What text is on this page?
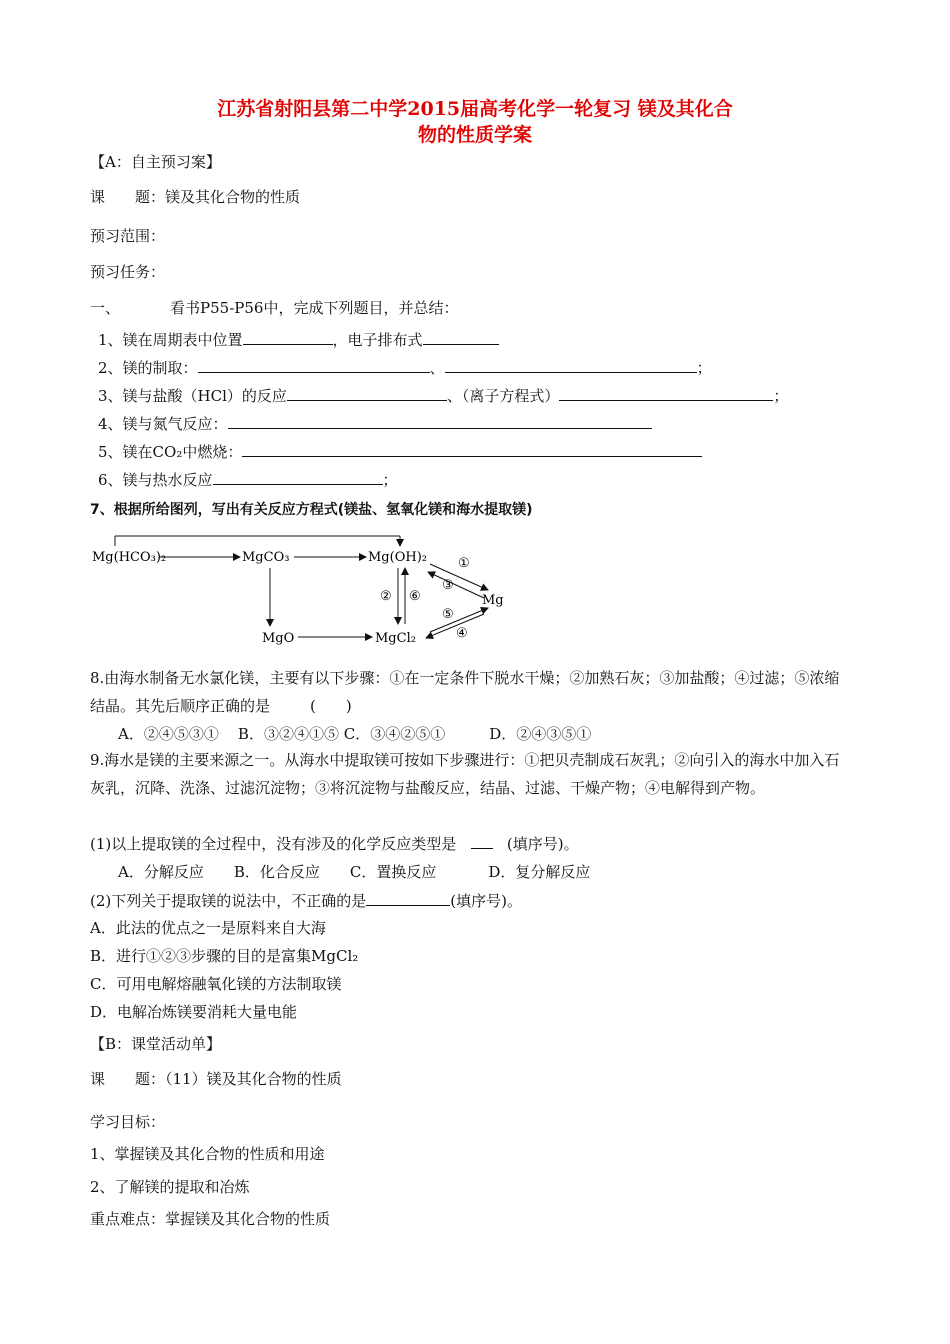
江苏省射阳县第二中学2015届高考化学一轮复习 镁及其化合
物的性质学案
【A：自主预习案】
课　　题：镁及其化合物的性质
预习范围：
预习任务：
一、	看书P55-P56中，完成下列题目，并总结：
1、镁在周期表中位置	，电子排布式
2、镁的制取：	、	；
3、镁与盐酸（HCl）的反应	、（离子方程式）	；
4、镁与氮气反应：
5、镁在CO₂中燃烧：
6、镁与热水反应	；
7、根据所给图列，写出有关反应方程式(镁盐、氢氧化镁和海水提取镁)
Mg(HCO₃)₂	MgCO₃	Mg(OH)₂
Mg
MgO	MgCl₂
①
②
③
④
⑤
⑥
8.由海水制备无水氯化镁，主要有以下步骤：①在一定条件下脱水干燥；②加熟石灰；③加盐酸；④过滤；⑤浓缩结晶。其先后顺序正确的是	(　　)
A．②④⑤③① B．③②④①⑤ C．③④②⑤①	D．②④③⑤①
9.海水是镁的主要来源之一。从海水中提取镁可按如下步骤进行：①把贝壳制成石灰乳；②向引入的海水中加入石灰乳，沉降、洗涤、过滤沉淀物；③将沉淀物与盐酸反应，结晶、过滤、干燥产物；④电解得到产物。
(1)以上提取镁的全过程中，没有涉及的化学反应类型是	(填序号)。
A．分解反应 B．化合反应 C．置换反应	D．复分解反应
(2)下列关于提取镁的说法中，不正确的是	(填序号)。
A．此法的优点之一是原料来自大海
B．进行①②③步骤的目的是富集MgCl₂
C．可用电解熔融氧化镁的方法制取镁
D．电解冶炼镁要消耗大量电能
【B：课堂活动单】
课　　题：（11）镁及其化合物的性质
学习目标：
1、掌握镁及其化合物的性质和用途
2、了解镁的提取和冶炼
重点难点：掌握镁及其化合物的性质
